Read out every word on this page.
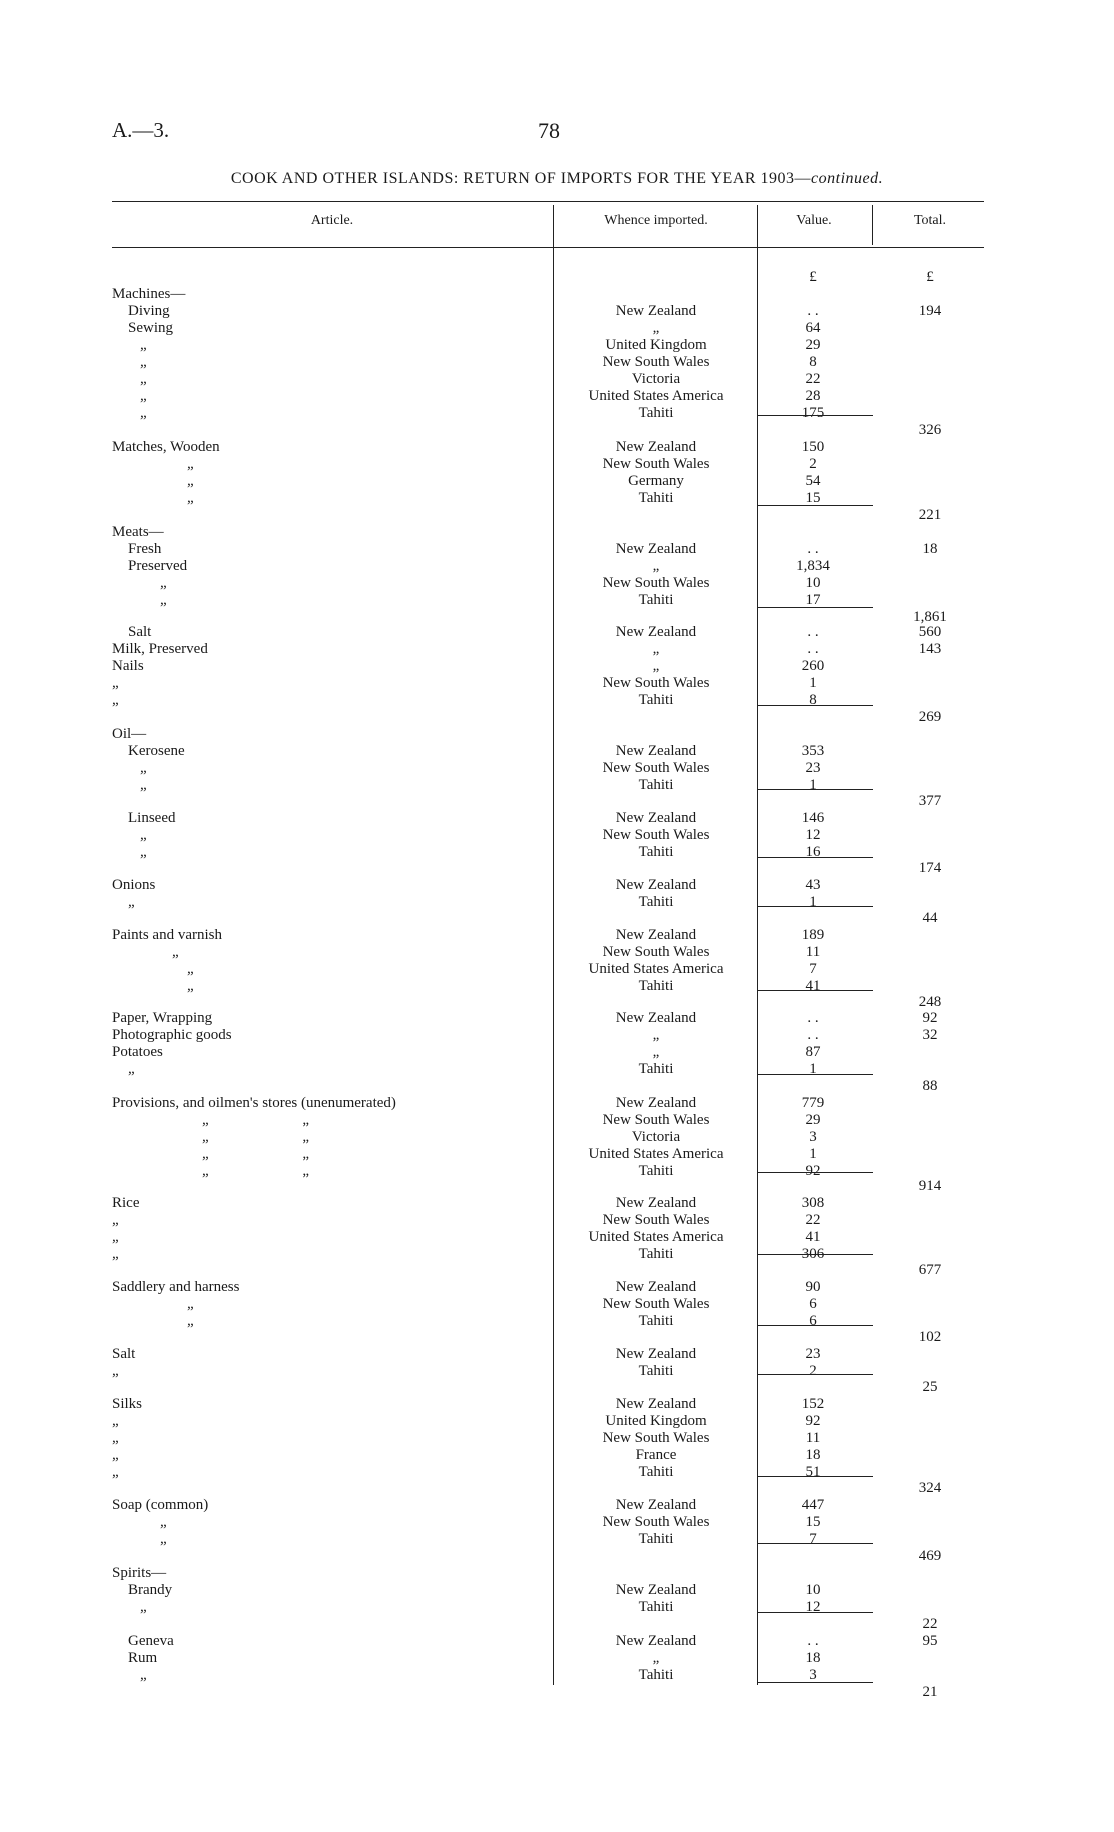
A.—3.	78
COOK AND OTHER ISLANDS: RETURN OF IMPORTS FOR THE YEAR 1903—continued.
Article.	Whence imported.	Value.	Total.
£	£
Machines—
Diving . .	New Zealand	. .	194
Sewing . .	„	64
„ . .	United Kingdom	29
„ . .	New South Wales	8
„ . .	Victoria	22
„ . .	United States America	28
„ . .	Tahiti	175
326
Matches, Wooden . .	New Zealand	150
„ . .	New South Wales	2
„ . .	Germany	54
„ . .	Tahiti	15
221
Meats—
Fresh . .	New Zealand	. .	18
Preserved . .	„	1,834
„ . .	New South Wales	10
„ . .	Tahiti	17
1,861
Salt . .	New Zealand	. .	560
Milk, Preserved . .	„	. .	143
Nails . .	„	260
„ . .	New South Wales	1
„ . .	Tahiti	8
269
Oil—
Kerosene . .	New Zealand	353
„ . .	New South Wales	23
„ . .	Tahiti	1
377
Linseed . .	New Zealand	146
„ . .	New South Wales	12
„ . .	Tahiti	16
174
Onions . .	New Zealand	43
„ . .	Tahiti	1
44
Paints and varnish . .	New Zealand	189
„ . .	New South Wales	11
„ . .	United States America	7
„ . .	Tahiti	41
248
Paper, Wrapping . .	New Zealand	. .	92
Photographic goods . .	„	. .	32
Potatoes . .	„	87
„ . .	Tahiti	1
88
Provisions, and oilmen's stores (unenumerated) . .	New Zealand	779
„                         „ . .	New South Wales	29
„                         „ . .	Victoria	3
„                         „ . .	United States America	1
„                         „ . .	Tahiti	92
914
Rice . .	New Zealand	308
„ . .	New South Wales	22
„ . .	United States America	41
„ . .	Tahiti	306
677
Saddlery and harness . .	New Zealand	90
„ . .	New South Wales	6
„ . .	Tahiti	6
102
Salt . .	New Zealand	23
„ . .	Tahiti	2
25
Silks . .	New Zealand	152
„ . .	United Kingdom	92
„ . .	New South Wales	11
„ . .	France	18
„ . .	Tahiti	51
324
Soap (common) . .	New Zealand	447
„ . .	New South Wales	15
„ . .	Tahiti	7
469
Spirits—
Brandy . .	New Zealand	10
„ . .	Tahiti	12
22
Geneva . .	New Zealand	. .	95
Rum . .	„	18
„ . .	Tahiti	3
21
